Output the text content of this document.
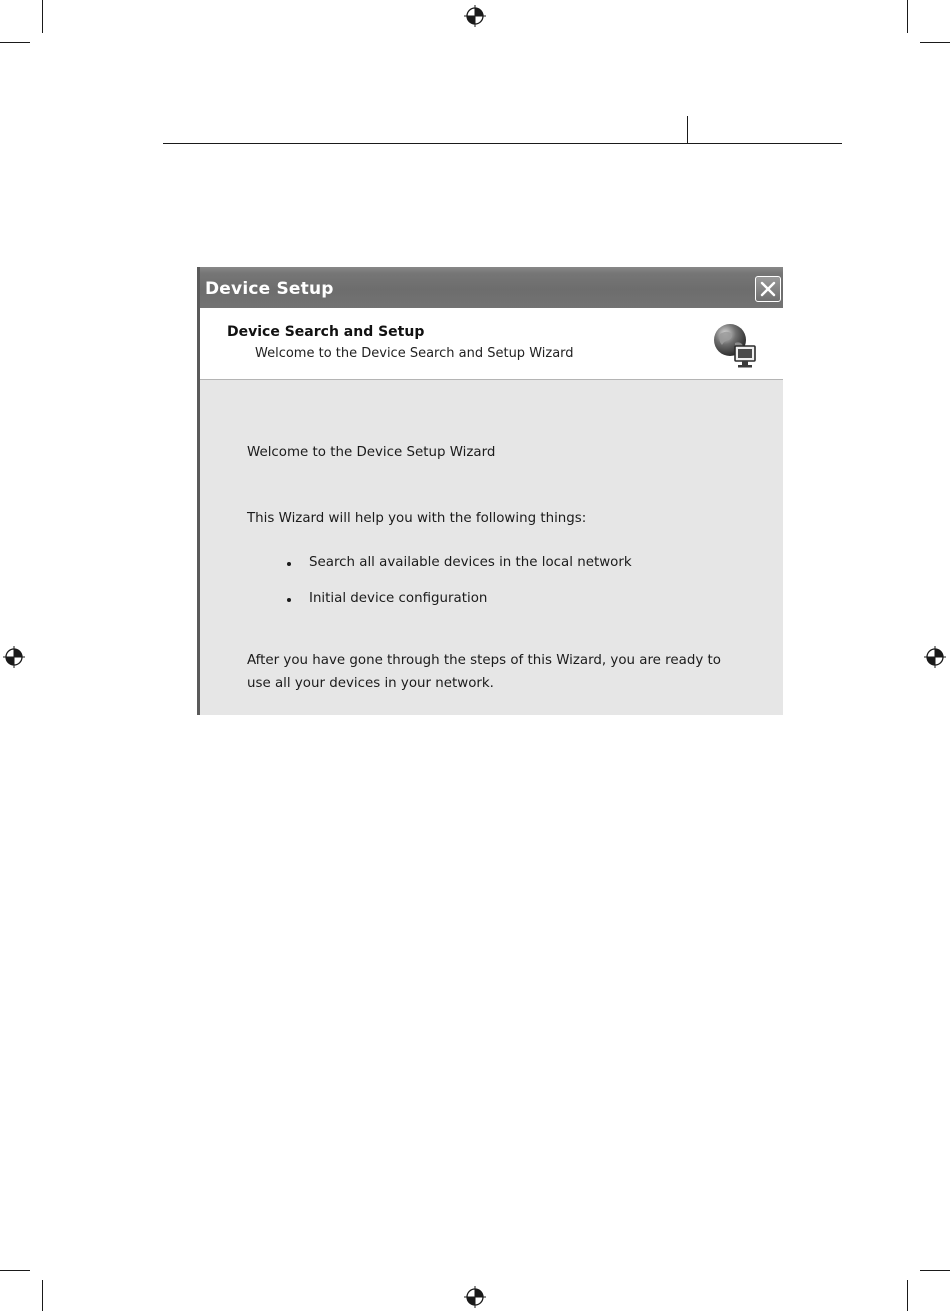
Device Setup
Device Search and Setup
Welcome to the Device Search and Setup Wizard
Welcome to the Device Setup Wizard
This Wizard will help you with the following things:
Search all available devices in the local network
Initial device configuration
After you have gone through the steps of this Wizard, you are ready to
use all your devices in your network.
